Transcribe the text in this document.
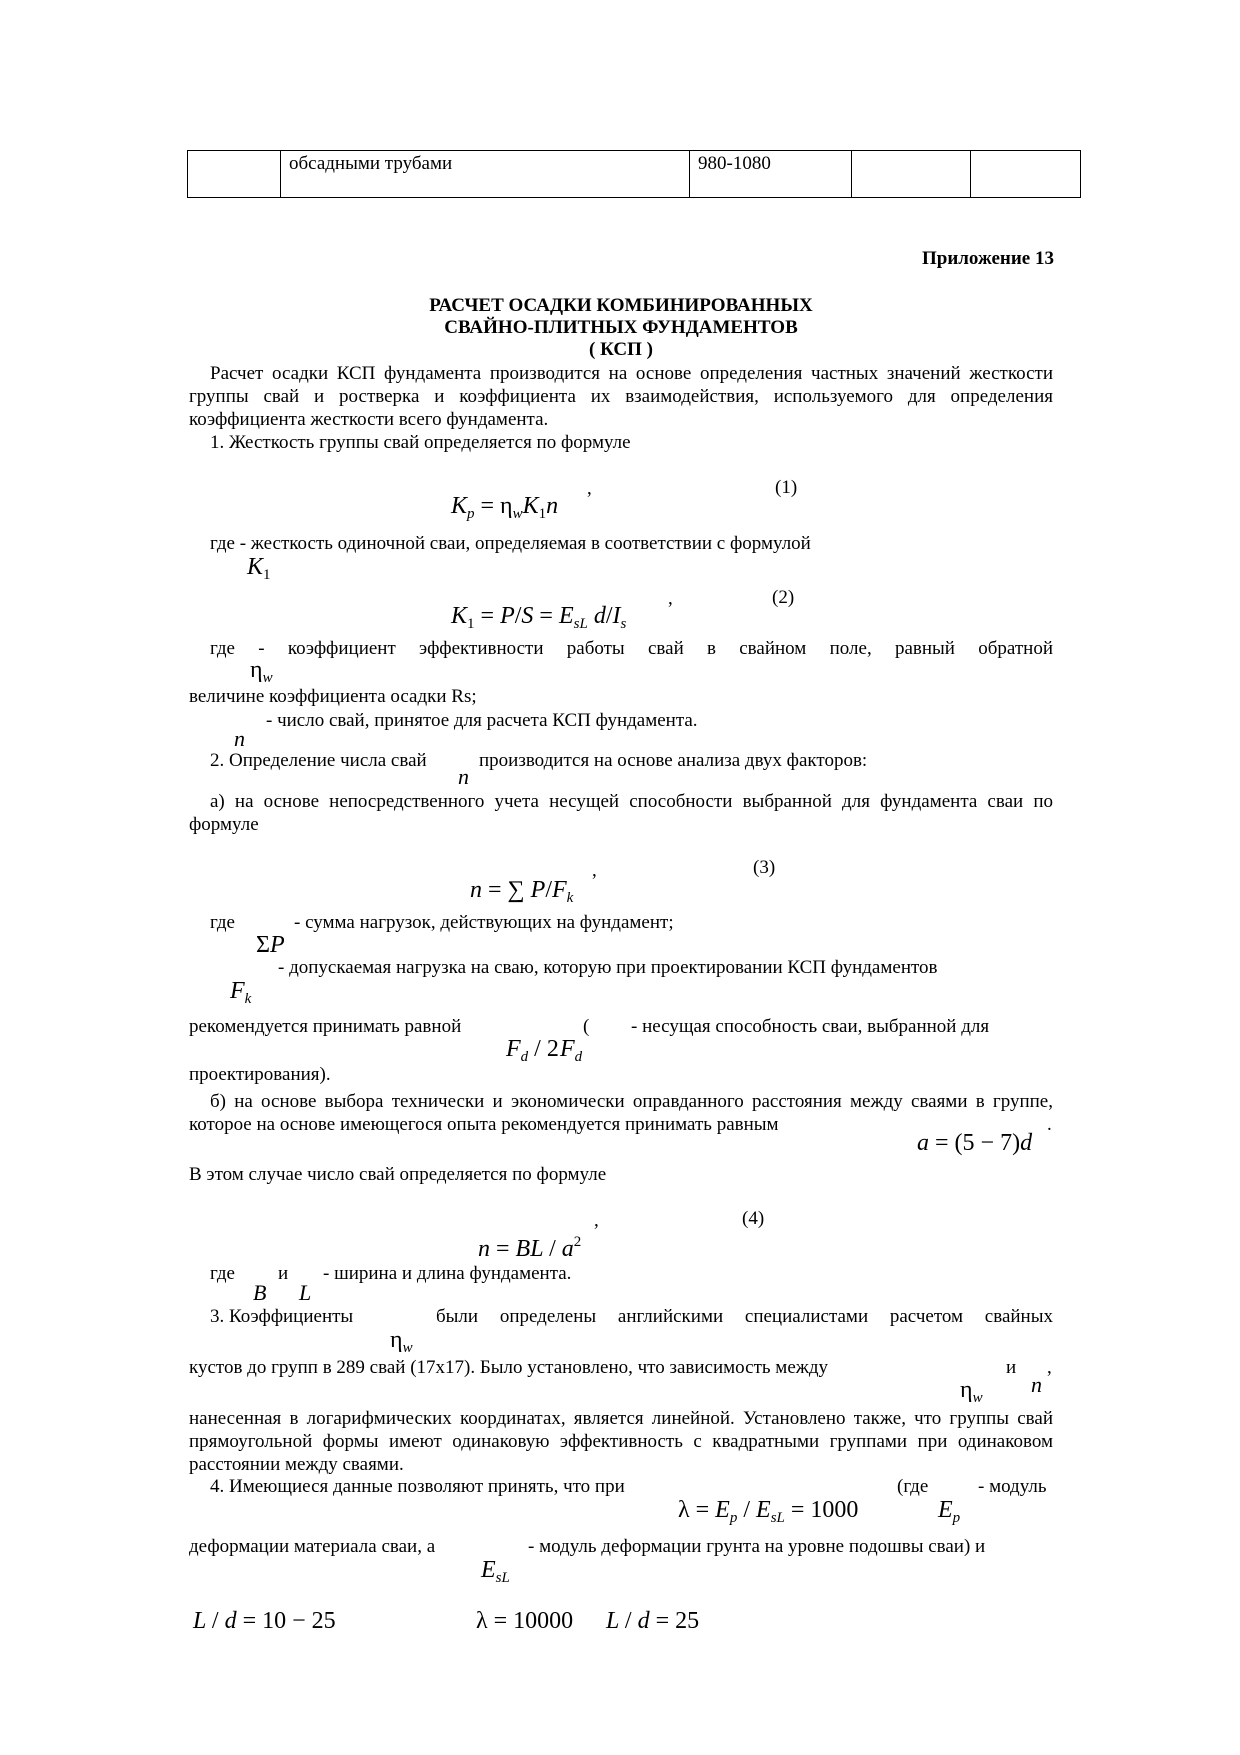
	обсадными трубами	980-1080		
Приложение 13
РАСЧЕТ ОСАДКИ КОМБИНИРОВАННЫХ
СВАЙНО-ПЛИТНЫХ ФУНДАМЕНТОВ
( КСП )
Расчет осадки КСП фундамента производится на основе определения частных значений жесткости группы свай и ростверка и коэффициента их взаимодействия, используемого для определения коэффициента жесткости всего фундамента.
1. Жесткость группы свай определяется по формуле
$K_p = \eta_wK_1n$
,	(1)
где - жесткость одиночной сваи, определяемая в соответствии с формулой
$K_1$
$K_1 = P/S = E_{sL}$ $d/I_s$
,	(2)
где - коэффициент эффективности работы свай в свайном поле, равный обратной
$\eta_w$
величине коэффициента осадки Rs;
- число свай, принятое для расчета КСП фундамента.
n
2. Определение числа свай
n
производится на основе анализа двух факторов:
а) на основе непосредственного учета несущей способности выбранной для фундамента сваи по формуле
n = ∑ $P/F_k$
,	(3)
где
ΣP
- сумма нагрузок, действующих на фундамент;
- допускаемая нагрузка на сваю, которую при проектировании КСП фундаментов
$F_k$
рекомендуется принимать равной
$F_d / 2$
(
$F_d$
- несущая способность сваи, выбранной для
проектирования).
б) на основе выбора технически и экономически оправданного расстояния между сваями в группе, которое на основе имеющегося опыта рекомендуется принимать равным	.
a = (5 − 7)d
В этом случае число свай определяется по формуле
n = BL / $a^2$
,	(4)
где
B
и
L
- ширина и длина фундамента.
3. Коэффициенты
$\eta_w$
были определены английскими специалистами расчетом свайных
кустов до групп в 289 свай (17х17). Было установлено, что зависимость между
$\eta_w$
и
n
,
нанесенная в логарифмических координатах, является линейной. Установлено также, что группы свай прямоугольной формы имеют одинаковую эффективность с квадратными группами при одинаковом расстоянии между сваями.
4. Имеющиеся данные позволяют принять, что при
$\lambda = E_p / E_{sL} = 1000$
(где
$E_p$
- модуль
деформации материала сваи, а
$E_{sL}$
- модуль деформации грунта на уровне подошвы сваи) и
L / d = 10 − 25	λ = 10000 L / d = 25
